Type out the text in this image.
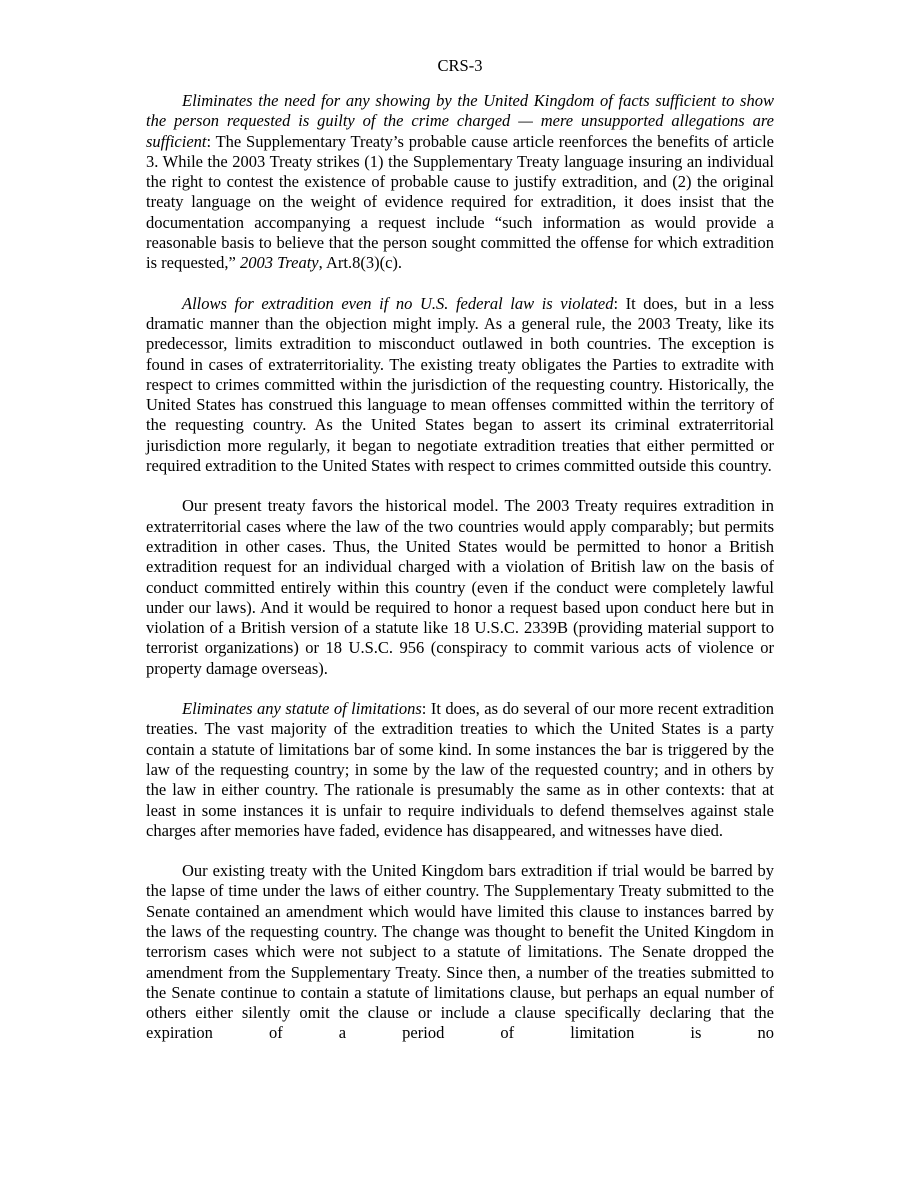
CRS-3

Eliminates the need for any showing by the United Kingdom of facts sufficient to show the person requested is guilty of the crime charged — mere unsupported allegations are sufficient: The Supplementary Treaty’s probable cause article reenforces the benefits of article 3. While the 2003 Treaty strikes (1) the Supplementary Treaty language insuring an individual the right to contest the existence of probable cause to justify extradition, and (2) the original treaty language on the weight of evidence required for extradition, it does insist that the documentation accompanying a request include “such information as would provide a reasonable basis to believe that the person sought committed the offense for which extradition is requested,” 2003 Treaty, Art.8(3)(c).

Allows for extradition even if no U.S. federal law is violated: It does, but in a less dramatic manner than the objection might imply. As a general rule, the 2003 Treaty, like its predecessor, limits extradition to misconduct outlawed in both countries. The exception is found in cases of extraterritoriality. The existing treaty obligates the Parties to extradite with respect to crimes committed within the jurisdiction of the requesting country. Historically, the United States has construed this language to mean offenses committed within the territory of the requesting country. As the United States began to assert its criminal extraterritorial jurisdiction more regularly, it began to negotiate extradition treaties that either permitted or required extradition to the United States with respect to crimes committed outside this country.

Our present treaty favors the historical model. The 2003 Treaty requires extradition in extraterritorial cases where the law of the two countries would apply comparably; but permits extradition in other cases. Thus, the United States would be permitted to honor a British extradition request for an individual charged with a violation of British law on the basis of conduct committed entirely within this country (even if the conduct were completely lawful under our laws). And it would be required to honor a request based upon conduct here but in violation of a British version of a statute like 18 U.S.C. 2339B (providing material support to terrorist organizations) or 18 U.S.C. 956 (conspiracy to commit various acts of violence or property damage overseas).

Eliminates any statute of limitations: It does, as do several of our more recent extradition treaties. The vast majority of the extradition treaties to which the United States is a party contain a statute of limitations bar of some kind. In some instances the bar is triggered by the law of the requesting country; in some by the law of the requested country; and in others by the law in either country. The rationale is presumably the same as in other contexts: that at least in some instances it is unfair to require individuals to defend themselves against stale charges after memories have faded, evidence has disappeared, and witnesses have died.

Our existing treaty with the United Kingdom bars extradition if trial would be barred by the lapse of time under the laws of either country. The Supplementary Treaty submitted to the Senate contained an amendment which would have limited this clause to instances barred by the laws of the requesting country. The change was thought to benefit the United Kingdom in terrorism cases which were not subject to a statute of limitations. The Senate dropped the amendment from the Supplementary Treaty. Since then, a number of the treaties submitted to the Senate continue to contain a statute of limitations clause, but perhaps an equal number of others either silently omit the clause or include a clause specifically declaring that the expiration of a period of limitation is no
